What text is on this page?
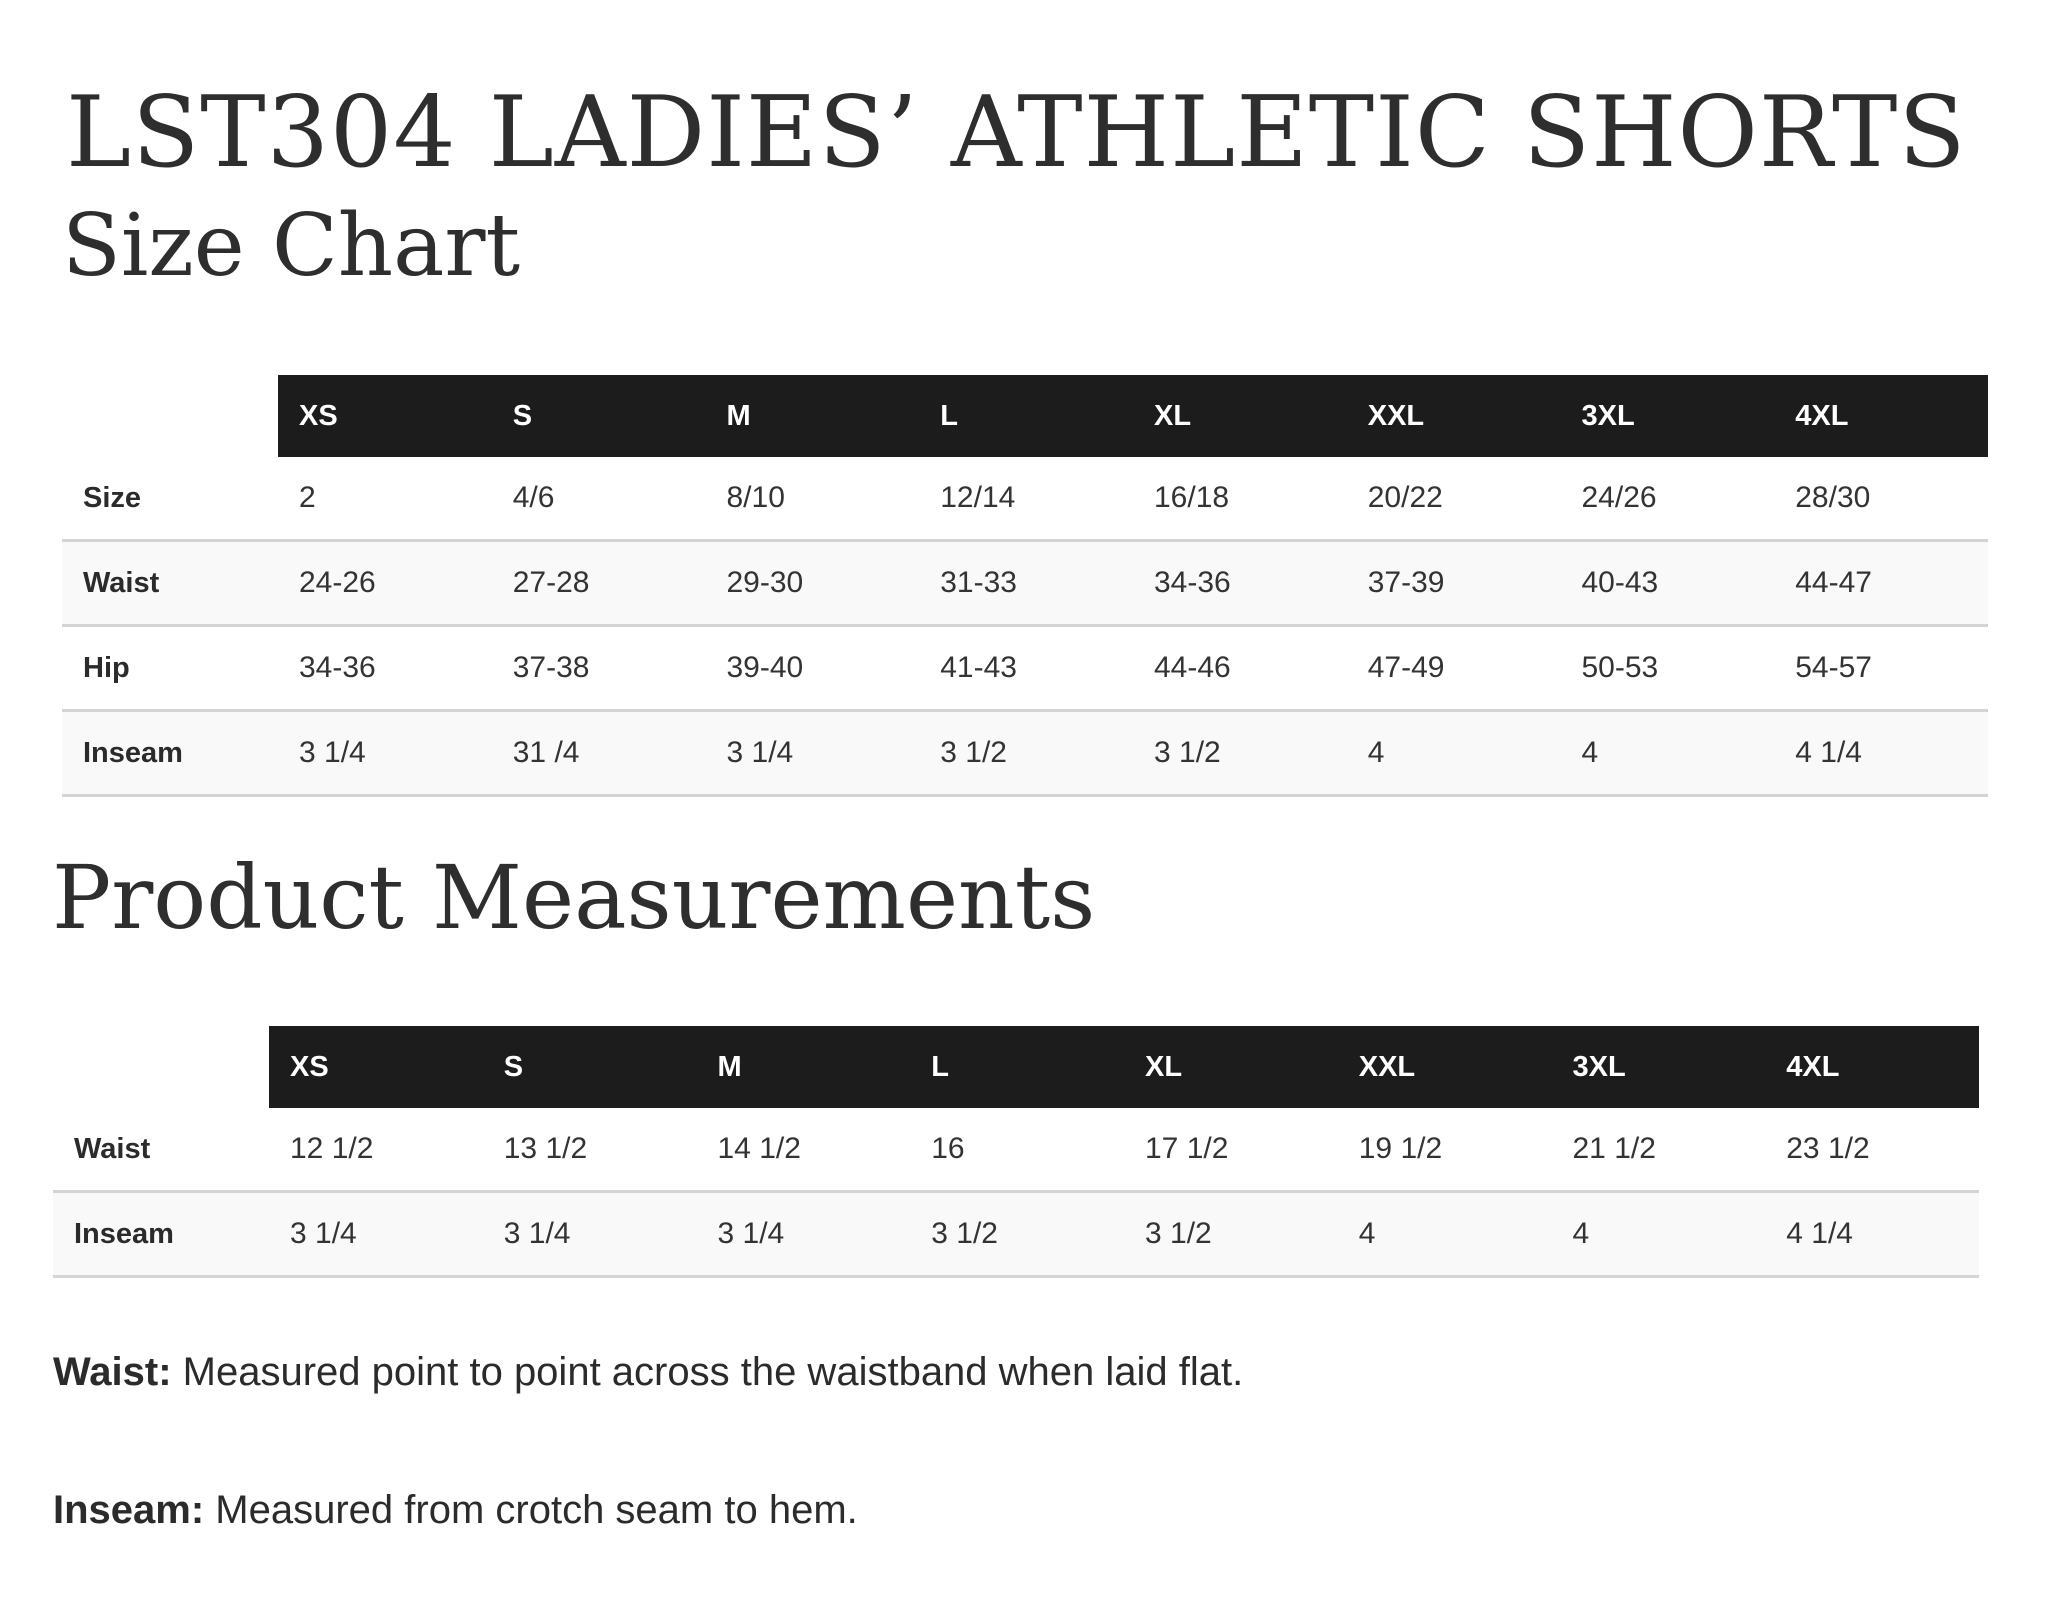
LST304 LADIES’ ATHLETIC SHORTS
Size Chart
	XS	S	M	L	XL	XXL	3XL	4XL
Size	2	4/6	8/10	12/14	16/18	20/22	24/26	28/30
Waist	24-26	27-28	29-30	31-33	34-36	37-39	40-43	44-47
Hip	34-36	37-38	39-40	41-43	44-46	47-49	50-53	54-57
Inseam	3 1/4	31 /4	3 1/4	3 1/2	3 1/2	4	4	4 1/4
Product Measurements
	XS	S	M	L	XL	XXL	3XL	4XL
Waist	12 1/2	13 1/2	14 1/2	16	17 1/2	19 1/2	21 1/2	23 1/2
Inseam	3 1/4	3 1/4	3 1/4	3 1/2	3 1/2	4	4	4 1/4

Waist: Measured point to point across the waistband when laid flat.

Inseam: Measured from crotch seam to hem.
